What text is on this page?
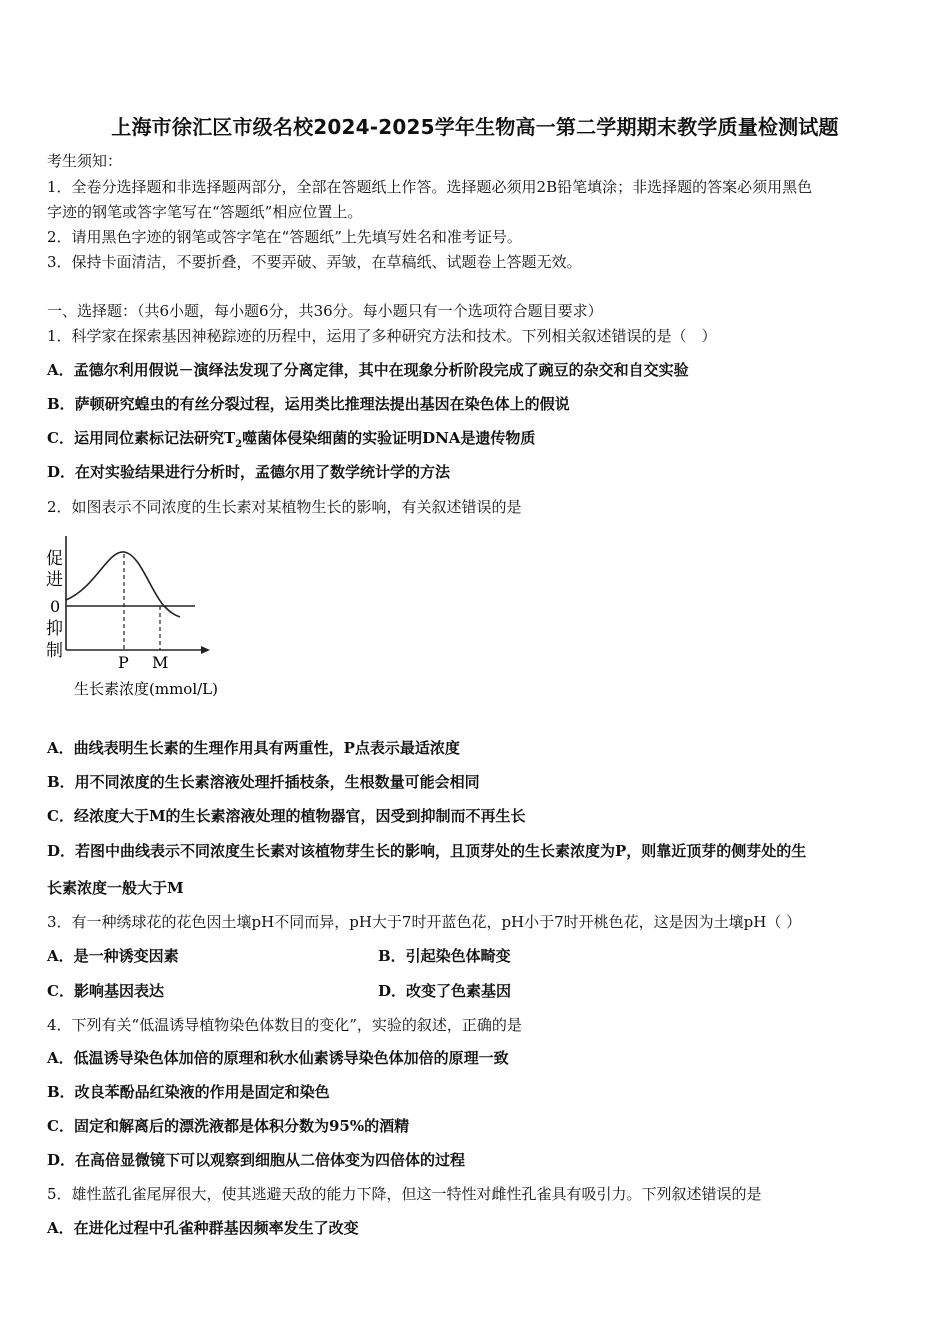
上海市徐汇区市级名校2024-2025学年生物高一第二学期期末教学质量检测试题
考生须知：
1．全卷分选择题和非选择题两部分，全部在答题纸上作答。选择题必须用2B铅笔填涂；非选择题的答案必须用黑色
字迹的钢笔或答字笔写在“答题纸”相应位置上。
2．请用黑色字迹的钢笔或答字笔在“答题纸”上先填写姓名和准考证号。
3．保持卡面清洁，不要折叠，不要弄破、弄皱，在草稿纸、试题卷上答题无效。
一、选择题：（共6小题，每小题6分，共36分。每小题只有一个选项符合题目要求）
1．科学家在探索基因神秘踪迹的历程中，运用了多种研究方法和技术。下列相关叙述错误的是（　）
A．孟德尔利用假说－演绎法发现了分离定律，其中在现象分析阶段完成了豌豆的杂交和自交实验
B．萨顿研究蝗虫的有丝分裂过程，运用类比推理法提出基因在染色体上的假说
C．运用同位素标记法研究$T_2$噬菌体侵染细菌的实验证明DNA是遗传物质
D．在对实验结果进行分析时，孟德尔用了数学统计学的方法
2．如图表示不同浓度的生长素对某植物生长的影响，有关叙述错误的是
促
进
0
抑
制
P M
生长素浓度(mmol/L)
A．曲线表明生长素的生理作用具有两重性，P点表示最适浓度
B．用不同浓度的生长素溶液处理扦插枝条，生根数量可能会相同
C．经浓度大于M的生长素溶液处理的植物器官，因受到抑制而不再生长
D．若图中曲线表示不同浓度生长素对该植物芽生长的影响，且顶芽处的生长素浓度为P，则靠近顶芽的侧芽处的生
长素浓度一般大于M
3．有一种绣球花的花色因土壤pH不同而异，pH大于7时开蓝色花，pH小于7时开桃色花，这是因为土壤pH（ ）
A．是一种诱变因素	B．引起染色体畸变
C．影响基因表达	D．改变了色素基因
4．下列有关“低温诱导植物染色体数目的变化”，实验的叙述，正确的是
A．低温诱导染色体加倍的原理和秋水仙素诱导染色体加倍的原理一致
B．改良苯酚品红染液的作用是固定和染色
C．固定和解离后的漂洗液都是体积分数为95%的酒精
D．在高倍显微镜下可以观察到细胞从二倍体变为四倍体的过程
5．雄性蓝孔雀尾屏很大，使其逃避天敌的能力下降，但这一特性对雌性孔雀具有吸引力。下列叙述错误的是
A．在进化过程中孔雀种群基因频率发生了改变
